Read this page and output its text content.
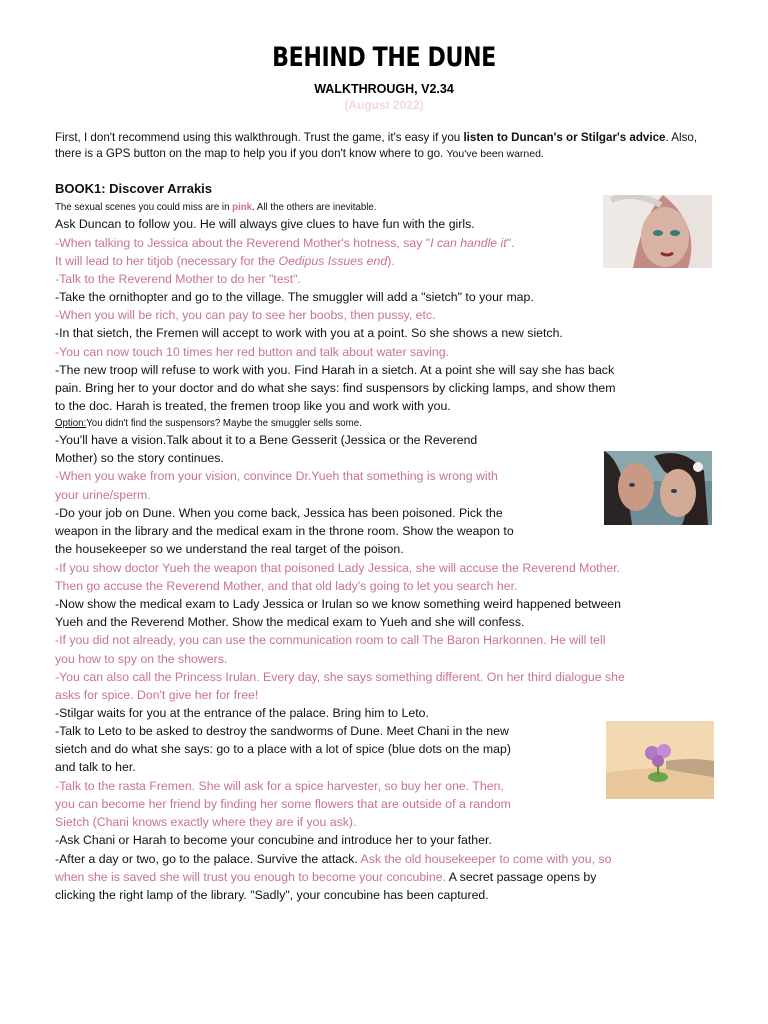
BEHIND THE DUNE
WALKTHROUGH, V2.34
(August 2022)
First, I don't recommend using this walkthrough. Trust the game, it's easy if you listen to Duncan's or Stilgar's advice. Also, there is a GPS button on the map to help you if you don't know where to go. You've been warned.
BOOK1: Discover Arrakis
The sexual scenes you could miss are in pink. All the others are inevitable.
Ask Duncan to follow you. He will always give clues to have fun with the girls.
-When talking to Jessica about the Reverend Mother's hotness, say "I can handle it".
It will lead to her titjob (necessary for the Oedipus Issues end).
-Talk to the Reverend Mother to do her "test".
-Take the ornithopter and go to the village. The smuggler will add a "sietch" to your map.
-When you will be rich, you can pay to see her boobs, then pussy, etc.
-In that sietch, the Fremen will accept to work with you at a point. So she shows a new sietch.
-You can now touch 10 times her red button and talk about water saving.
-The new troop will refuse to work with you. Find Harah in a sietch. At a point she will say she has back
pain. Bring her to your doctor and do what she says: find suspensors by clicking lamps, and show them
to the doc. Harah is treated, the fremen troop like you and work with you.
Option:You didn't find the suspensors? Maybe the smuggler sells some.
-You'll have a vision.Talk about it to a Bene Gesserit (Jessica or the Reverend
Mother) so the story continues.
-When you wake from your vision, convince Dr.Yueh that something is wrong with
your urine/sperm.
-Do your job on Dune. When you come back, Jessica has been poisoned. Pick the
weapon in the library and the medical exam in the throne room. Show the weapon to
the housekeeper so we understand the real target of the poison.
-If you show doctor Yueh the weapon that poisoned Lady Jessica, she will accuse the Reverend Mother.
Then go accuse the Reverend Mother, and that old lady's going to let you search her.
-Now show the medical exam to Lady Jessica or Irulan so we know something weird happened between
Yueh and the Reverend Mother. Show the medical exam to Yueh and she will confess.
-If you did not already, you can use the communication room to call The Baron Harkonnen. He will tell
you how to spy on the showers.
-You can also call the Princess Irulan. Every day, she says something different. On her third dialogue she
asks for spice. Don't give her for free!
-Stilgar waits for you at the entrance of the palace. Bring him to Leto.
-Talk to Leto to be asked to destroy the sandworms of Dune. Meet Chani in the new
sietch and do what she says: go to a place with a lot of spice (blue dots on the map)
and talk to her.
-Talk to the rasta Fremen. She will ask for a spice harvester, so buy her one. Then,
you can become her friend by finding her some flowers that are outside of a random
Sietch (Chani knows exactly where they are if you ask).
-Ask Chani or Harah to become your concubine and introduce her to your father.
-After a day or two, go to the palace. Survive the attack. Ask the old housekeeper to come with you, so
when she is saved she will trust you enough to become your concubine. A secret passage opens by
clicking the right lamp of the library. "Sadly", your concubine has been captured.
